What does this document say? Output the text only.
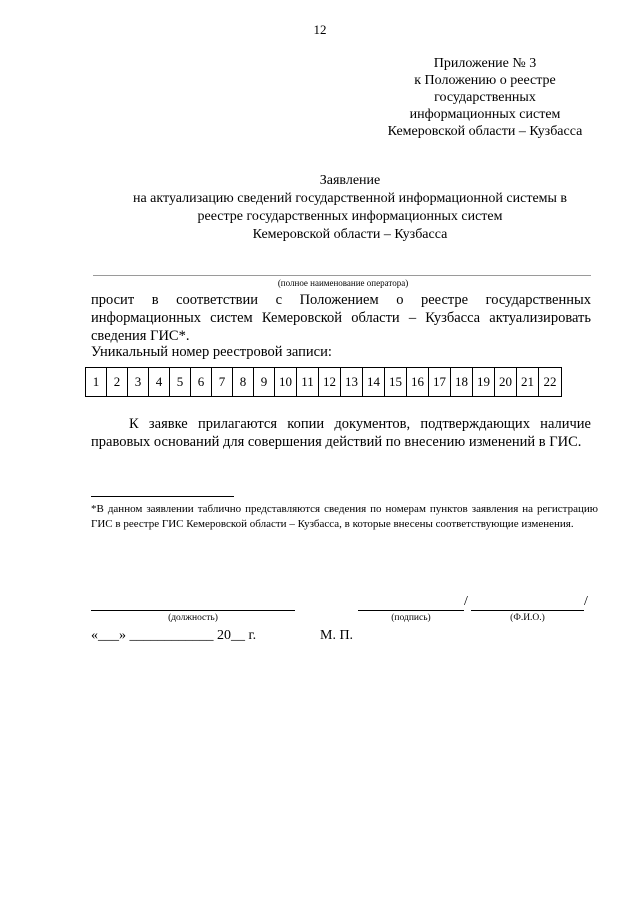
12
Приложение № 3
к Положению о реестре
государственных
информационных систем
Кемеровской области – Кузбасса
Заявление
на актуализацию сведений государственной информационной системы в
реестре государственных информационных систем
Кемеровской области – Кузбасса
(полное наименование оператора)
просит в соответствии с Положением о реестре государственных информационных систем Кемеровской области – Кузбасса актуализировать сведения ГИС*.
Уникальный номер реестровой записи:
1	2	3	4	5	6	7	8	9 10 11 12 13 14 15 16 17 18 19 20 21 22
К заявке прилагаются копии документов, подтверждающих наличие правовых оснований для совершения действий по внесению изменений в ГИС.
*В данном заявлении таблично представляются сведения по номерам пунктов заявления на регистрацию ГИС в реестре ГИС Кемеровской области – Кузбасса, в которые внесены соответствующие изменения.
(должность)
/	/
(подпись)	(Ф.И.О.)
«___» ____________ 20__ г.	М. П.
